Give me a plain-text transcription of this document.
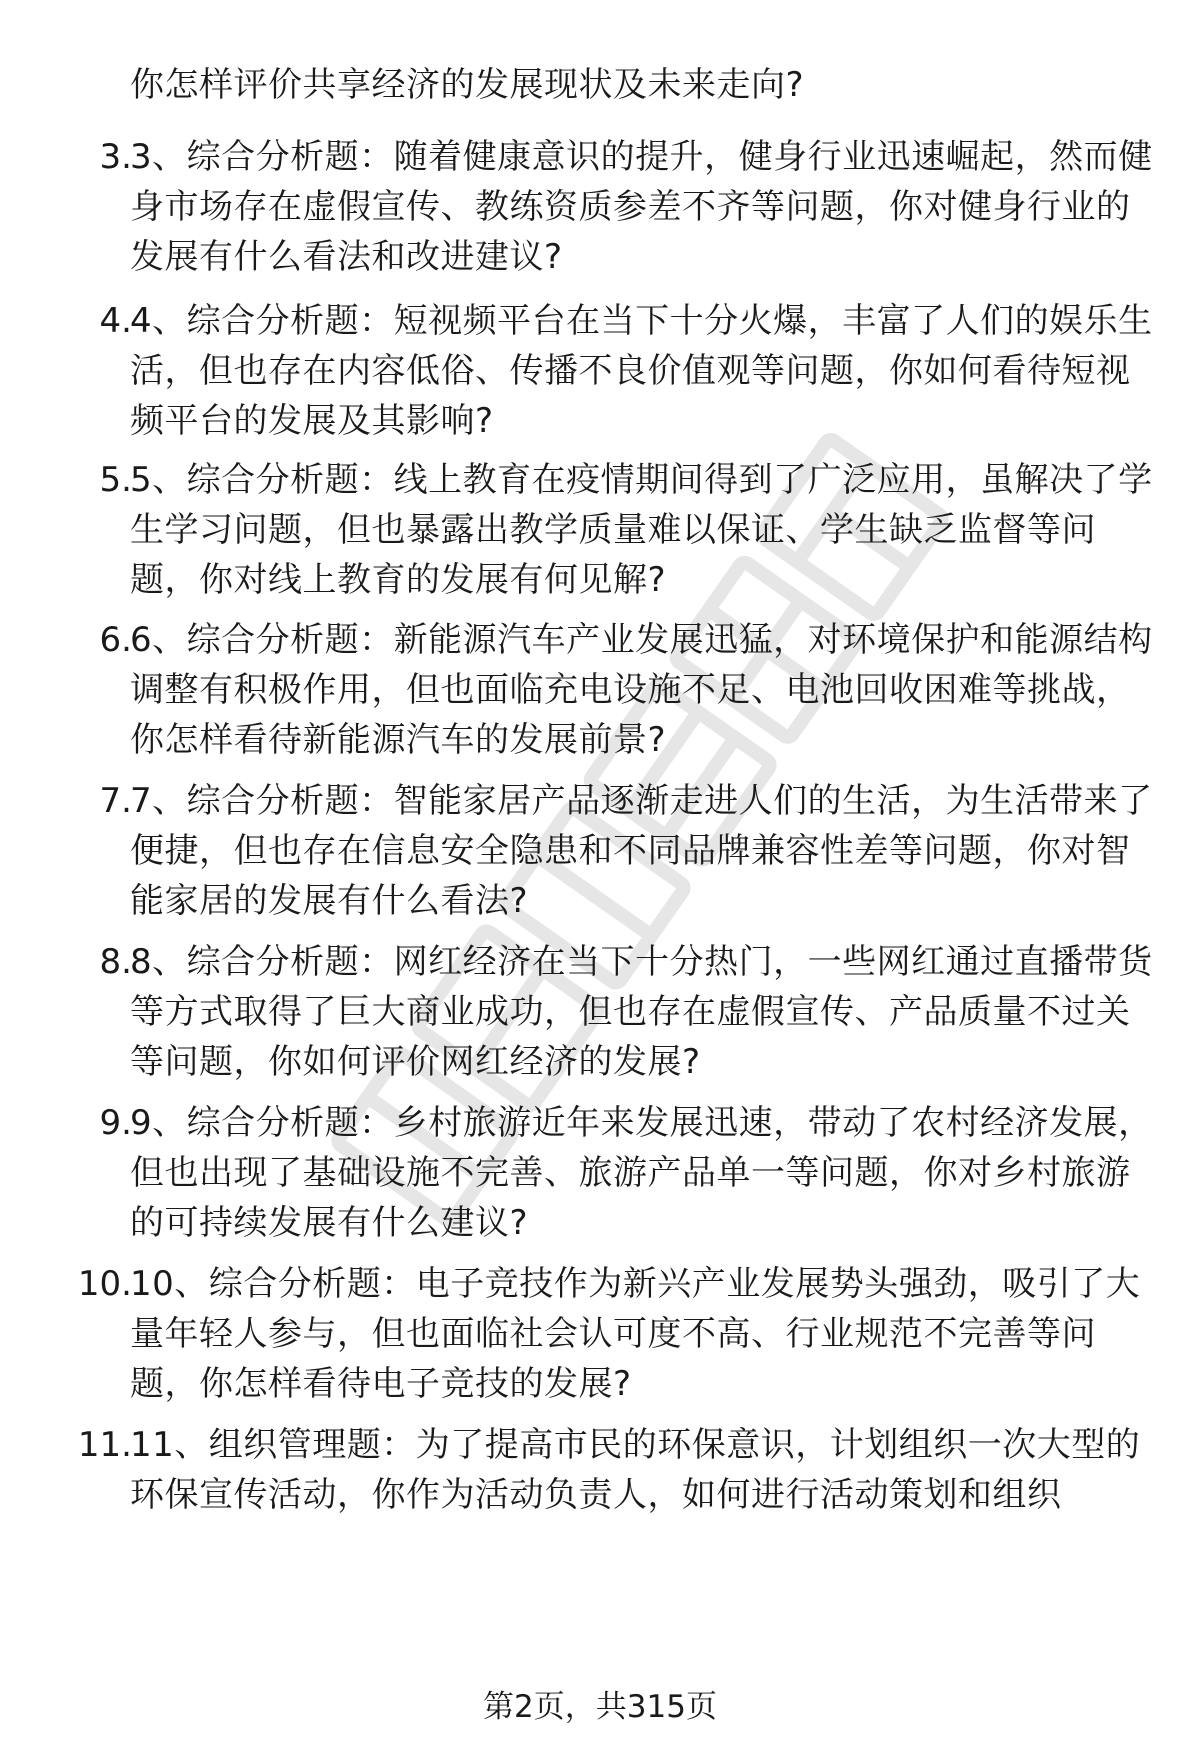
你怎样评价共享经济的发展现状及未来走向?
3.
3、综合分析题：随着健康意识的提升，健身行业迅速崛起，然而健身市场存在虚假宣传、教练资质参差不齐等问题，你对健身行业的发展有什么看法和改进建议?
4.
4、综合分析题：短视频平台在当下十分火爆，丰富了人们的娱乐生活，但也存在内容低俗、传播不良价值观等问题，你如何看待短视频平台的发展及其影响?
5.
5、综合分析题：线上教育在疫情期间得到了广泛应用，虽解决了学生学习问题，但也暴露出教学质量难以保证、学生缺乏监督等问题，你对线上教育的发展有何见解?
6.
6、综合分析题：新能源汽车产业发展迅猛，对环境保护和能源结构调整有积极作用，但也面临充电设施不足、电池回收困难等挑战，你怎样看待新能源汽车的发展前景?
7.
7、综合分析题：智能家居产品逐渐走进人们的生活，为生活带来了便捷，但也存在信息安全隐患和不同品牌兼容性差等问题，你对智能家居的发展有什么看法?
8.
8、综合分析题：网红经济在当下十分热门，一些网红通过直播带货等方式取得了巨大商业成功，但也存在虚假宣传、产品质量不过关等问题，你如何评价网红经济的发展?
9.
9、综合分析题：乡村旅游近年来发展迅速，带动了农村经济发展，但也出现了基础设施不完善、旅游产品单一等问题，你对乡村旅游的可持续发展有什么建议?
10.
10、综合分析题：电子竞技作为新兴产业发展势头强劲，吸引了大量年轻人参与，但也面临社会认可度不高、行业规范不完善等问题，你怎样看待电子竞技的发展?
11.
11、组织管理题：为了提高市民的环保意识，计划组织一次大型的环保宣传活动，你作为活动负责人，如何进行活动策划和组织
第2页，共315页
